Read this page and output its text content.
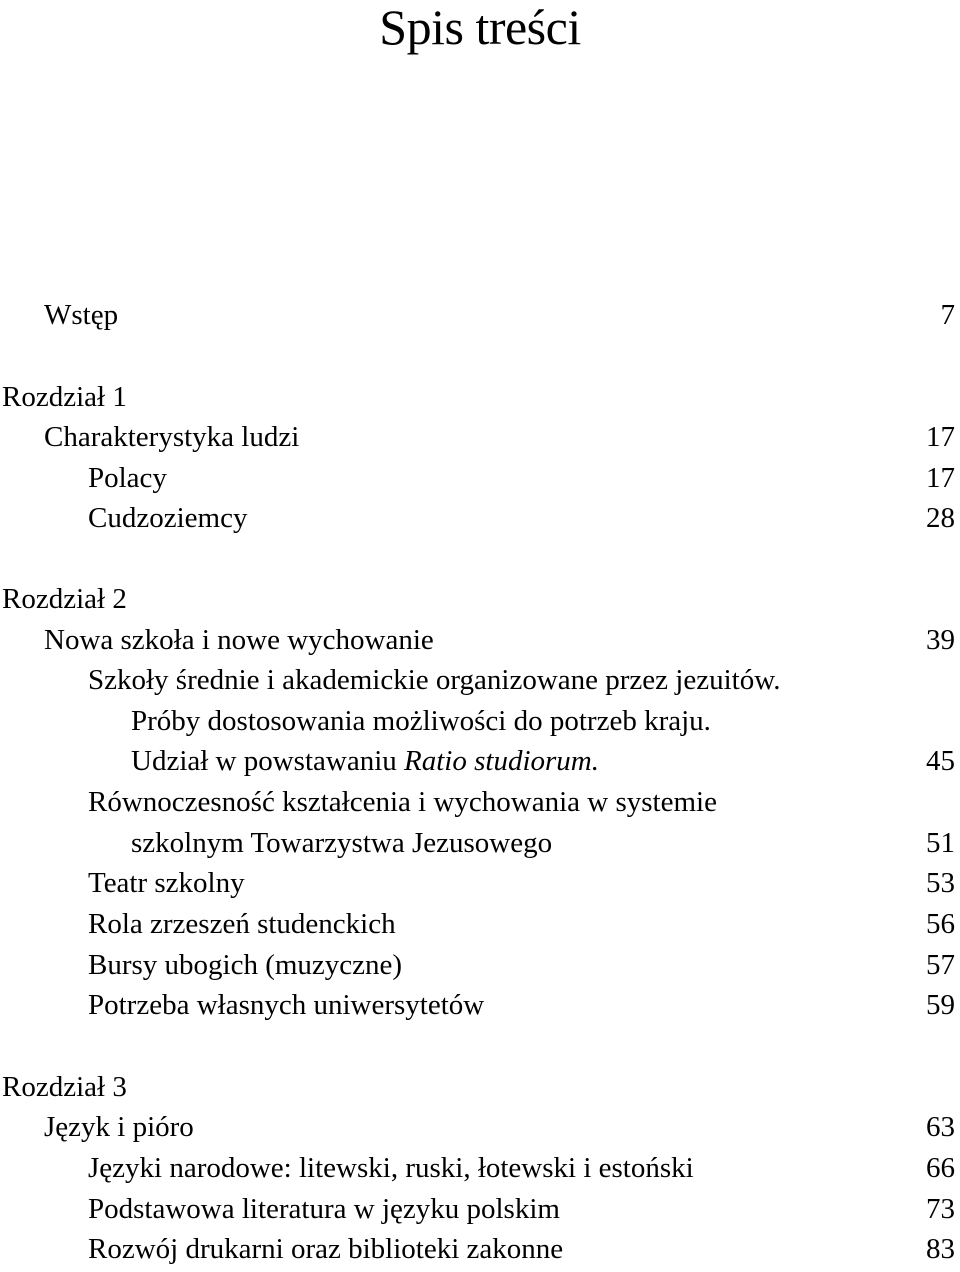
Spis treści
Wstęp	7
Rozdział 1
Charakterystyka ludzi	17
Polacy	17
Cudzoziemcy	28
Rozdział 2
Nowa szkoła i nowe wychowanie	39
Szkoły średnie i akademickie organizowane przez jezuitów.
Próby dostosowania możliwości do potrzeb kraju.
Udział w powstawaniu Ratio studiorum.	45
Równoczesność kształcenia i wychowania w systemie
szkolnym Towarzystwa Jezusowego	51
Teatr szkolny	53
Rola zrzeszeń studenckich	56
Bursy ubogich (muzyczne)	57
Potrzeba własnych uniwersytetów	59
Rozdział 3
Język i pióro	63
Języki narodowe: litewski, ruski, łotewski i estoński	66
Podstawowa literatura w języku polskim	73
Rozwój drukarni oraz biblioteki zakonne	83
